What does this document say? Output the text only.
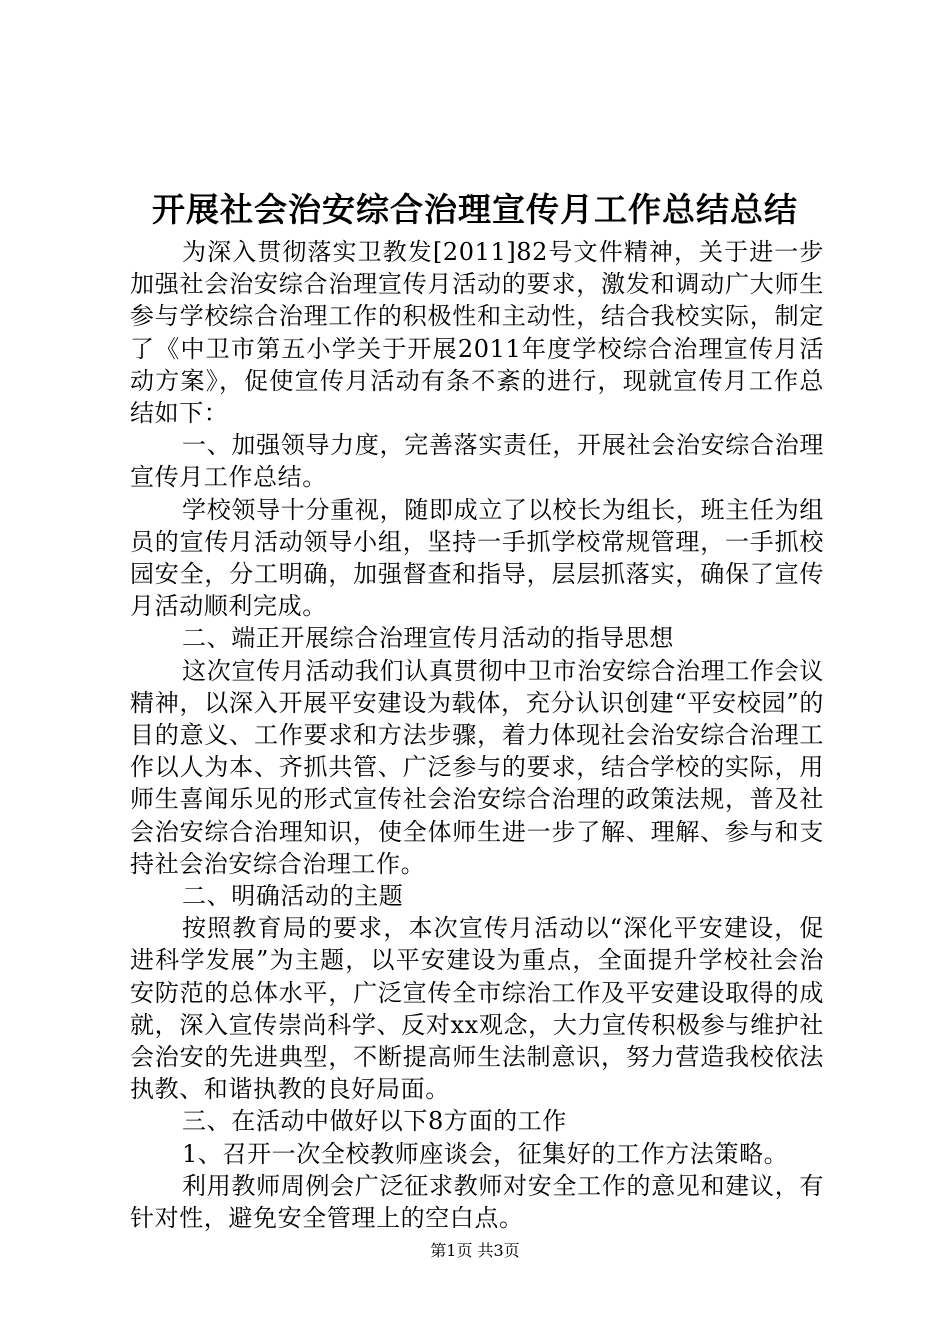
开展社会治安综合治理宣传月工作总结总结

为深入贯彻落实卫教发[2011]82号文件精神，关于进一步加强社会治安综合治理宣传月活动的要求，激发和调动广大师生参与学校综合治理工作的积极性和主动性，结合我校实际，制定了《中卫市第五小学关于开展2011年度学校综合治理宣传月活动方案》，促使宣传月活动有条不紊的进行，现就宣传月工作总结如下：

一、加强领导力度，完善落实责任，开展社会治安综合治理宣传月工作总结。

学校领导十分重视，随即成立了以校长为组长，班主任为组员的宣传月活动领导小组，坚持一手抓学校常规管理，一手抓校园安全，分工明确，加强督查和指导，层层抓落实，确保了宣传月活动顺利完成。

二、端正开展综合治理宣传月活动的指导思想

这次宣传月活动我们认真贯彻中卫市治安综合治理工作会议精神，以深入开展平安建设为载体，充分认识创建“平安校园”的目的意义、工作要求和方法步骤，着力体现社会治安综合治理工作以人为本、齐抓共管、广泛参与的要求，结合学校的实际，用师生喜闻乐见的形式宣传社会治安综合治理的政策法规，普及社会治安综合治理知识，使全体师生进一步了解、理解、参与和支持社会治安综合治理工作。

二、明确活动的主题

按照教育局的要求，本次宣传月活动以“深化平安建设，促进科学发展”为主题，以平安建设为重点，全面提升学校社会治安防范的总体水平，广泛宣传全市综治工作及平安建设取得的成就，深入宣传崇尚科学、反对xx观念，大力宣传积极参与维护社会治安的先进典型，不断提高师生法制意识，努力营造我校依法执教、和谐执教的良好局面。

三、在活动中做好以下8方面的工作

1、召开一次全校教师座谈会，征集好的工作方法策略。

利用教师周例会广泛征求教师对安全工作的意见和建议，有针对性，避免安全管理上的空白点。

第1页 共3页
